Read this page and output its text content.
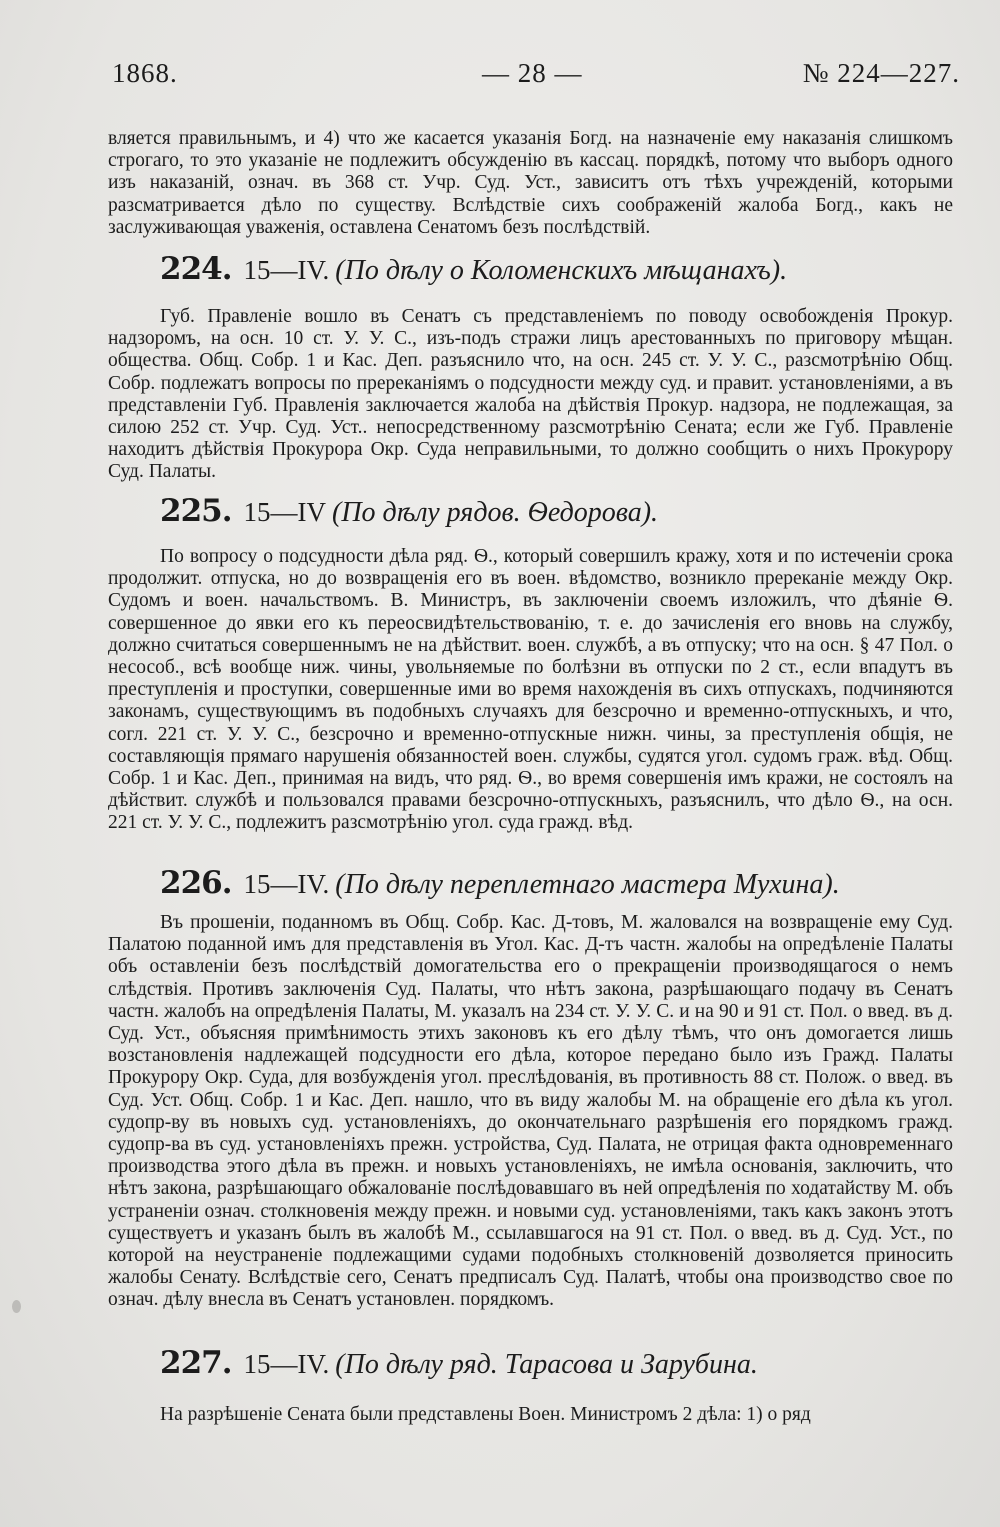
1868.	— 28 —	№ 224—227.

вляется правильнымъ, и 4) что же касается указанія Богд. на назначеніе ему наказанія слишкомъ строгаго, то это указаніе не подлежитъ обсужденію въ кассац. порядкѣ, потому что выборъ одного изъ наказаній, означ. въ 368 ст. Учр. Суд. Уст., зависитъ отъ тѣхъ учрежденій, которыми разсматривается дѣло по существу. Вслѣдствіе сихъ соображеній жалоба Богд., какъ не заслуживающая уваженія, оставлена Сенатомъ безъ послѣдствій.

224. 15—IV. (По дѣлу о Коломенскихъ мѣщанахъ).

Губ. Правленіе вошло въ Сенатъ съ представленіемъ по поводу освобожденія Прокур. надзоромъ, на осн. 10 ст. У. У. С., изъ-подъ стражи лицъ арестованныхъ по приговору мѣщан. общества. Общ. Собр. 1 и Кас. Деп. разъяснило что, на осн. 245 ст. У. У. С., разсмотрѣнію Общ. Собр. подлежатъ вопросы по пререканіямъ о подсудности между суд. и правит. установленіями, а въ представленіи Губ. Правленія заключается жалоба на дѣйствія Прокур. надзора, не подлежащая, за силою 252 ст. Учр. Суд. Уст.. непосредственному разсмотрѣнію Сената; если же Губ. Правленіе находитъ дѣйствія Прокурора Окр. Суда неправильными, то должно сообщить о нихъ Прокурору Суд. Палаты.

225. 15—IV (По дѣлу рядов. Ѳедорова).

По вопросу о подсудности дѣла ряд. Ѳ., который совершилъ кражу, хотя и по истеченіи срока продолжит. отпуска, но до возвращенія его въ воен. вѣдомство, возникло пререканіе между Окр. Судомъ и воен. начальствомъ. В. Министръ, въ заключеніи своемъ изложилъ, что дѣяніе Ѳ. совершенное до явки его къ переосвидѣтельствованію, т. е. до зачисленія его вновь на службу, должно считаться совершеннымъ не на дѣйствит. воен. службѣ, а въ отпуску; что на осн. § 47 Пол. о несособ., всѣ вообще ниж. чины, увольняемые по болѣзни въ отпуски по 2 ст., если впадутъ въ преступленія и проступки, совершенные ими во время нахожденія въ сихъ отпускахъ, подчиняются законамъ, существующимъ въ подобныхъ случаяхъ для безсрочно и временно-отпускныхъ, и что, согл. 221 ст. У. У. С., безсрочно и временно-отпускные нижн. чины, за преступленія общія, не составляющія прямаго нарушенія обязанностей воен. службы, судятся угол. судомъ граж. вѣд. Общ. Собр. 1 и Кас. Деп., принимая на видъ, что ряд. Ѳ., во время совершенія имъ кражи, не состоялъ на дѣйствит. службѣ и пользовался правами безсрочно-отпускныхъ, разъяснилъ, что дѣло Ѳ., на осн. 221 ст. У. У. С., подлежитъ разсмотрѣнію угол. суда гражд. вѣд.

226. 15—IV. (По дѣлу переплетнаго мастера Мухина).

Въ прошеніи, поданномъ въ Общ. Собр. Кас. Д-товъ, М. жаловался на возвращеніе ему Суд. Палатою поданной имъ для представленія въ Угол. Кас. Д-тъ частн. жалобы на опредѣленіе Палаты объ оставленіи безъ послѣдствій домогательства его о прекращеніи производящагося о немъ слѣдствія. Противъ заключенія Суд. Палаты, что нѣтъ закона, разрѣшающаго подачу въ Сенатъ частн. жалобъ на опредѣленія Палаты, М. указалъ на 234 ст. У. У. С. и на 90 и 91 ст. Пол. о введ. въ д. Суд. Уст., объясняя примѣнимость этихъ законовъ къ его дѣлу тѣмъ, что онъ домогается лишь возстановленія надлежащей подсудности его дѣла, которое передано было изъ Гражд. Палаты Прокурору Окр. Суда, для возбужденія угол. преслѣдованія, въ противность 88 ст. Полож. о введ. въ Суд. Уст. Общ. Собр. 1 и Кас. Деп. нашло, что въ виду жалобы М. на обращеніе его дѣла къ угол. судопр-ву въ новыхъ суд. установленіяхъ, до окончательнаго разрѣшенія его порядкомъ гражд. судопр-ва въ суд. установленіяхъ прежн. устройства, Суд. Палата, не отрицая факта одновременнаго производства этого дѣла въ прежн. и новыхъ установленіяхъ, не имѣла основанія, заключить, что нѣтъ закона, разрѣшающаго обжалованіе послѣдовавшаго въ ней опредѣленія по ходатайству М. объ устраненіи означ. столкновенія между прежн. и новыми суд. установленіями, такъ какъ законъ этотъ существуетъ и указанъ былъ въ жалобѣ М., ссылавшагося на 91 ст. Пол. о введ. въ д. Суд. Уст., по которой на неустраненіе подлежащими судами подобныхъ столкновеній дозволяется приносить жалобы Сенату. Вслѣдствіе сего, Сенатъ предписалъ Суд. Палатѣ, чтобы она производство свое по означ. дѣлу внесла въ Сенатъ установлен. порядкомъ.

227. 15—IV. (По дѣлу ряд. Тарасова и Зарубина.

На разрѣшеніе Сената были представлены Воен. Министромъ 2 дѣла: 1) о ряд
